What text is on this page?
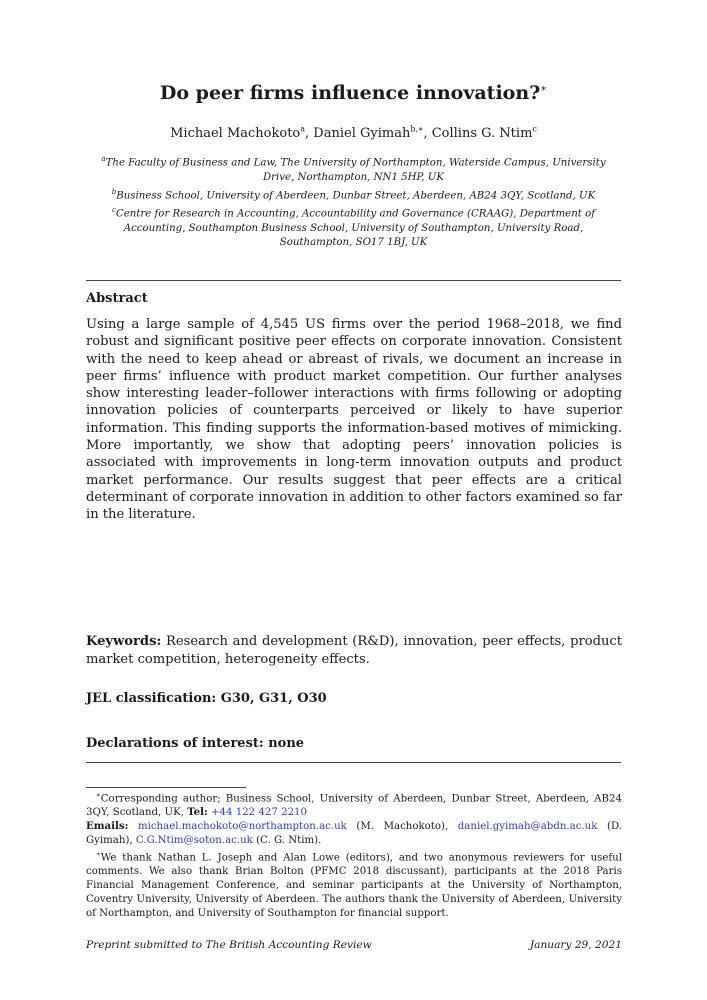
Do peer firms influence innovation?∗
Michael Machokoto$^a$, Daniel Gyimah$^{b,∗}$, Collins G. Ntim$^c$

$^a$The Faculty of Business and Law, The University of Northampton, Waterside Campus, University Drive, Northampton, NN1 5HP, UK

$^b$Business School, University of Aberdeen, Dunbar Street, Aberdeen, AB24 3QY, Scotland, UK

$^c$Centre for Research in Accounting, Accountability and Governance (CRAAG), Department of Accounting, Southampton Business School, University of Southampton, University Road, Southampton, SO17 1BJ, UK

Abstract

Using a large sample of 4,545 US firms over the period 1968–2018, we find robust and significant positive peer effects on corporate innovation. Consistent with the need to keep ahead or abreast of rivals, we document an increase in peer firms’ influence with product market competition. Our further analyses show interesting leader–follower interactions with firms following or adopting innovation policies of counterparts perceived or likely to have superior information. This finding supports the information-based motives of mimicking. More importantly, we show that adopting peers’ innovation policies is associated with improvements in long-term innovation outputs and product market performance. Our results suggest that peer effects are a critical determinant of corporate innovation in addition to other factors examined so far in the literature.

Keywords: Research and development (R&D), innovation, peer effects, product market competition, heterogeneity effects.

JEL classification: G30, G31, O30
Declarations of interest: none

∗Corresponding author; Business School, University of Aberdeen, Dunbar Street, Aberdeen, AB24 3QY, Scotland, UK, Tel: +44 122 427 2210

Emails: michael.machokoto@northampton.ac.uk (M. Machokoto), daniel.gyimah@abdn.ac.uk (D. Gyimah), C.G.Ntim@soton.ac.uk (C. G. Ntim).

∗We thank Nathan L. Joseph and Alan Lowe (editors), and two anonymous reviewers for useful comments. We also thank Brian Bolton (PFMC 2018 discussant), participants at the 2018 Paris Financial Management Conference, and seminar participants at the University of Northampton, Coventry University, University of Aberdeen. The authors thank the University of Aberdeen, University of Northampton, and University of Southampton for financial support.

Preprint submitted to The British Accounting Review	January 29, 2021
